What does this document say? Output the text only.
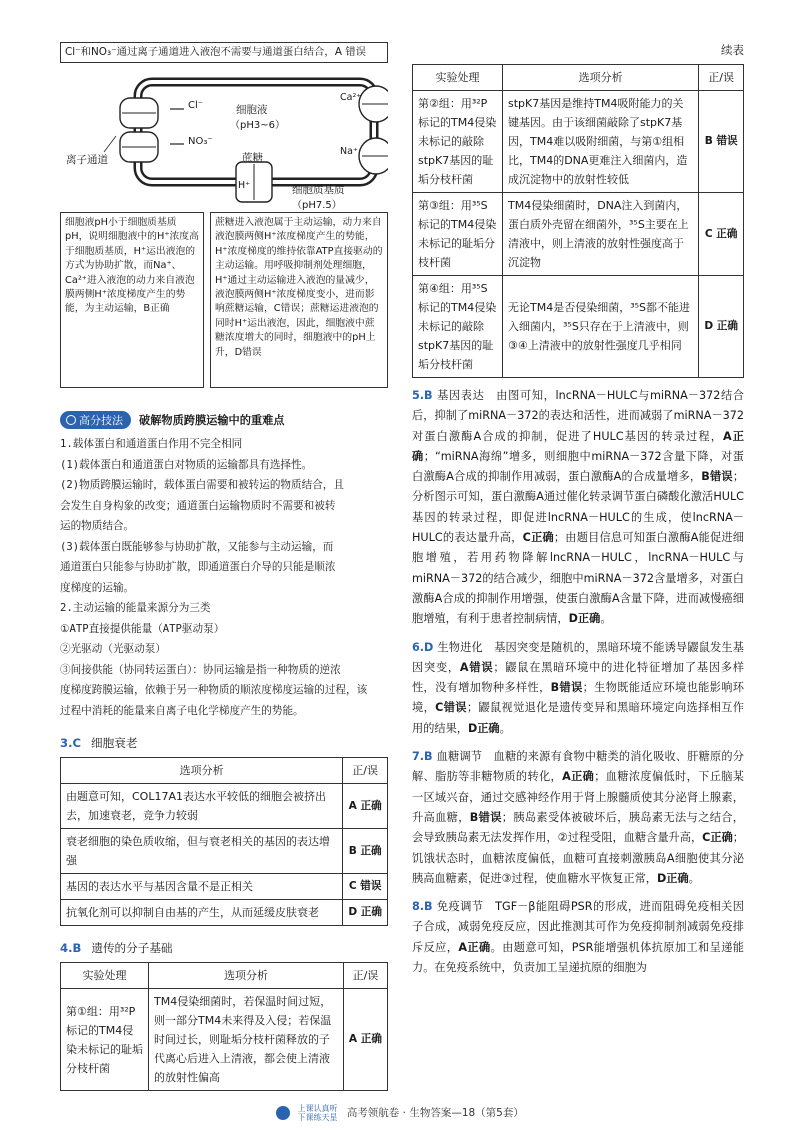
Cl⁻和NO₃⁻通过离子通道进入液泡不需要与通道蛋白结合，A 错误
Cl⁻
NO₃⁻
细胞液
（pH3~6）
离子通道	蔗糖
H⁺	细胞质基质
（pH7.5）
Ca²⁺
Na⁺
细胞液pH小于细胞质基质pH，说明细胞液中的H⁺浓度高于细胞质基质，H⁺运出液泡的方式为协助扩散，而Na⁺、Ca²⁺进入液泡的动力来自液泡膜两侧H⁺浓度梯度产生的势能，为主动运输，B正确
蔗糖进入液泡属于主动运输，动力来自液泡膜两侧H⁺浓度梯度产生的势能，H⁺浓度梯度的维持依靠ATP直接驱动的主动运输。用呼吸抑制剂处理细胞，H⁺通过主动运输进入液泡的量减少，液泡膜两侧H⁺浓度梯度变小，进而影响蔗糖运输，C错误；蔗糖运进液泡的同时H⁺运出液泡，因此，细胞液中蔗糖浓度增大的同时，细胞液中的pH上升，D错误
高分技法 破解物质跨膜运输中的重难点
1.载体蛋白和通道蛋白作用不完全相同
(1)载体蛋白和通道蛋白对物质的运输都具有选择性。
(2)物质跨膜运输时，载体蛋白需要和被转运的物质结合，且
会发生自身构象的改变；通道蛋白运输物质时不需要和被转
运的物质结合。
(3)载体蛋白既能够参与协助扩散，又能参与主动运输，而
通道蛋白只能参与协助扩散，即通道蛋白介导的只能是顺浓
度梯度的运输。
2.主动运输的能量来源分为三类
①ATP直接提供能量（ATP驱动泵）
②光驱动（光驱动泵）
③间接供能（协同转运蛋白）：协同运输是指一种物质的逆浓
度梯度跨膜运输，依赖于另一种物质的顺浓度梯度运输的过程，该
过程中消耗的能量来自离子电化学梯度产生的势能。
3.C 细胞衰老
选项分析	正/误
由题意可知，COL17A1表达水平较低的细胞会被挤出去，加速衰老，竞争力较弱	A 正确
衰老细胞的染色质收缩，但与衰老相关的基因的表达增强	B 正确
基因的表达水平与基因含量不是正相关	C 错误
抗氧化剂可以抑制自由基的产生，从而延缓皮肤衰老	D 正确
4.B 遗传的分子基础
实验处理	选项分析	正/误
第①组：用³²P标记的TM4侵染未标记的耻垢分枝杆菌	TM4侵染细菌时，若保温时间过短，则一部分TM4未来得及入侵；若保温时间过长，则耻垢分枝杆菌释放的子代离心后进入上清液，都会使上清液的放射性偏高	A 正确
续表
实验处理	选项分析	正/误
第②组：用³²P标记的TM4侵染未标记的敲除stpK7基因的耻垢分枝杆菌	stpK7基因是维持TM4吸附能力的关键基因。由于该细菌敲除了stpK7基因，TM4难以吸附细菌，与第①组相比，TM4的DNA更难注入细菌内，造成沉淀物中的放射性较低	B 错误
第③组：用³⁵S标记的TM4侵染未标记的耻垢分枝杆菌	TM4侵染细菌时，DNA注入到菌内，蛋白质外壳留在细菌外，³⁵S主要在上清液中，则上清液的放射性强度高于沉淀物	C 正确
第④组：用³⁵S标记的TM4侵染未标记的敲除stpK7基因的耻垢分枝杆菌	无论TM4是否侵染细菌，³⁵S都不能进入细菌内，³⁵S只存在于上清液中，则③④上清液中的放射性强度几乎相同	D 正确
5.B 基因表达　由图可知，lncRNA－HULC与miRNA－372结合后，抑制了miRNA－372的表达和活性，进而减弱了miRNA－372对蛋白激酶A合成的抑制，促进了HULC基因的转录过程，A正确；“miRNA海绵”增多，则细胞中miRNA－372含量下降，对蛋白激酶A合成的抑制作用减弱，蛋白激酶A的合成量增多，B错误；分析图示可知，蛋白激酶A通过催化转录调节蛋白磷酸化激活HULC基因的转录过程，即促进lncRNA－HULC的生成，使lncRNA－HULC的表达量升高，C正确；由题目信息可知蛋白激酶A能促进细胞增殖，若用药物降解lncRNA－HULC，lncRNA－HULC与miRNA－372的结合减少，细胞中miRNA－372含量增多，对蛋白激酶A合成的抑制作用增强，使蛋白激酶A含量下降，进而减慢癌细胞增殖，有利于患者控制病情，D正确。
6.D 生物进化　基因突变是随机的，黑暗环境不能诱导鼹鼠发生基因突变，A错误；鼹鼠在黑暗环境中的进化特征增加了基因多样性，没有增加物种多样性，B错误；生物既能适应环境也能影响环境，C错误；鼹鼠视觉退化是遗传变异和黑暗环境定向选择相互作用的结果，D正确。
7.B 血糖调节　血糖的来源有食物中糖类的消化吸收、肝糖原的分解、脂肪等非糖物质的转化，A正确；血糖浓度偏低时，下丘脑某一区域兴奋，通过交感神经作用于肾上腺髓质使其分泌肾上腺素，升高血糖，B错误；胰岛素受体被破坏后，胰岛素无法与之结合，会导致胰岛素无法发挥作用，②过程受阻，血糖含量升高，C正确；饥饿状态时，血糖浓度偏低，血糖可直接刺激胰岛A细胞使其分泌胰高血糖素，促进③过程，使血糖水平恢复正常，D正确。
8.B 免疫调节　TGF－β能阻碍PSR的形成，进而阻碍免疫相关因子合成，减弱免疫反应，因此推测其可作为免疫抑制剂减弱免疫排斥反应，A正确。由题意可知，PSR能增强机体抗原加工和呈递能力。在免疫系统中，负责加工呈递抗原的细胞为
上课认真听
下课练天星 高考领航卷 · 生物答案—18（第5套）
